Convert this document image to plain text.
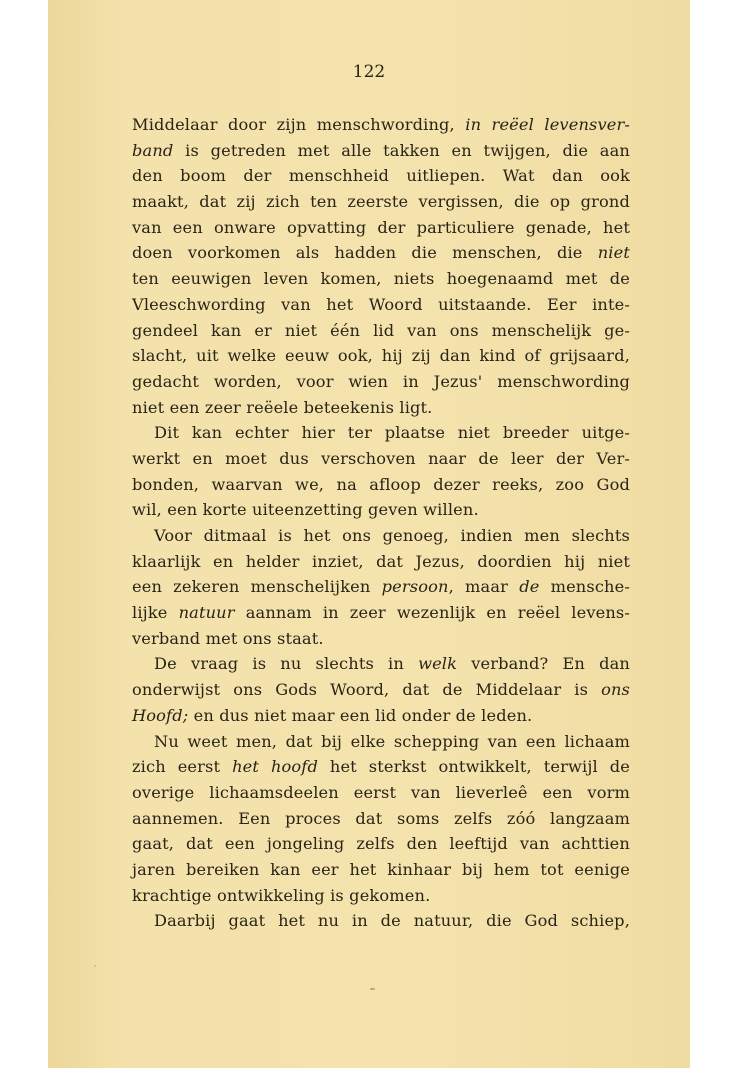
122

Middelaar door zijn menschwording, in reëel levensver-
band is getreden met alle takken en twijgen, die aan
den boom der menschheid uitliepen. Wat dan ook
maakt, dat zij zich ten zeerste vergissen, die op grond
van een onware opvatting der particuliere genade, het
doen voorkomen als hadden die menschen, die niet
ten eeuwigen leven komen, niets hoegenaamd met de
Vleeschwording van het Woord uitstaande. Eer inte-
gendeel kan er niet één lid van ons menschelijk ge-
slacht, uit welke eeuw ook, hij zij dan kind of grijsaard,
gedacht worden, voor wien in Jezus' menschwording
niet een zeer reëele beteekenis ligt.
Dit kan echter hier ter plaatse niet breeder uitge-
werkt en moet dus verschoven naar de leer der Ver-
bonden, waarvan we, na afloop dezer reeks, zoo God
wil, een korte uiteenzetting geven willen.
Voor ditmaal is het ons genoeg, indien men slechts
klaarlijk en helder inziet, dat Jezus, doordien hij niet
een zekeren menschelijken persoon, maar de mensche-
lijke natuur aannam in zeer wezenlijk en reëel levens-
verband met ons staat.
De vraag is nu slechts in welk verband? En dan
onderwijst ons Gods Woord, dat de Middelaar is ons
Hoofd; en dus niet maar een lid onder de leden.
Nu weet men, dat bij elke schepping van een lichaam
zich eerst het hoofd het sterkst ontwikkelt, terwijl de
overige lichaamsdeelen eerst van lieverleê een vorm
aannemen. Een proces dat soms zelfs zóó langzaam
gaat, dat een jongeling zelfs den leeftijd van achttien
jaren bereiken kan eer het kinhaar bij hem tot eenige
krachtige ontwikkeling is gekomen.
Daarbij gaat het nu in de natuur, die God schiep,
